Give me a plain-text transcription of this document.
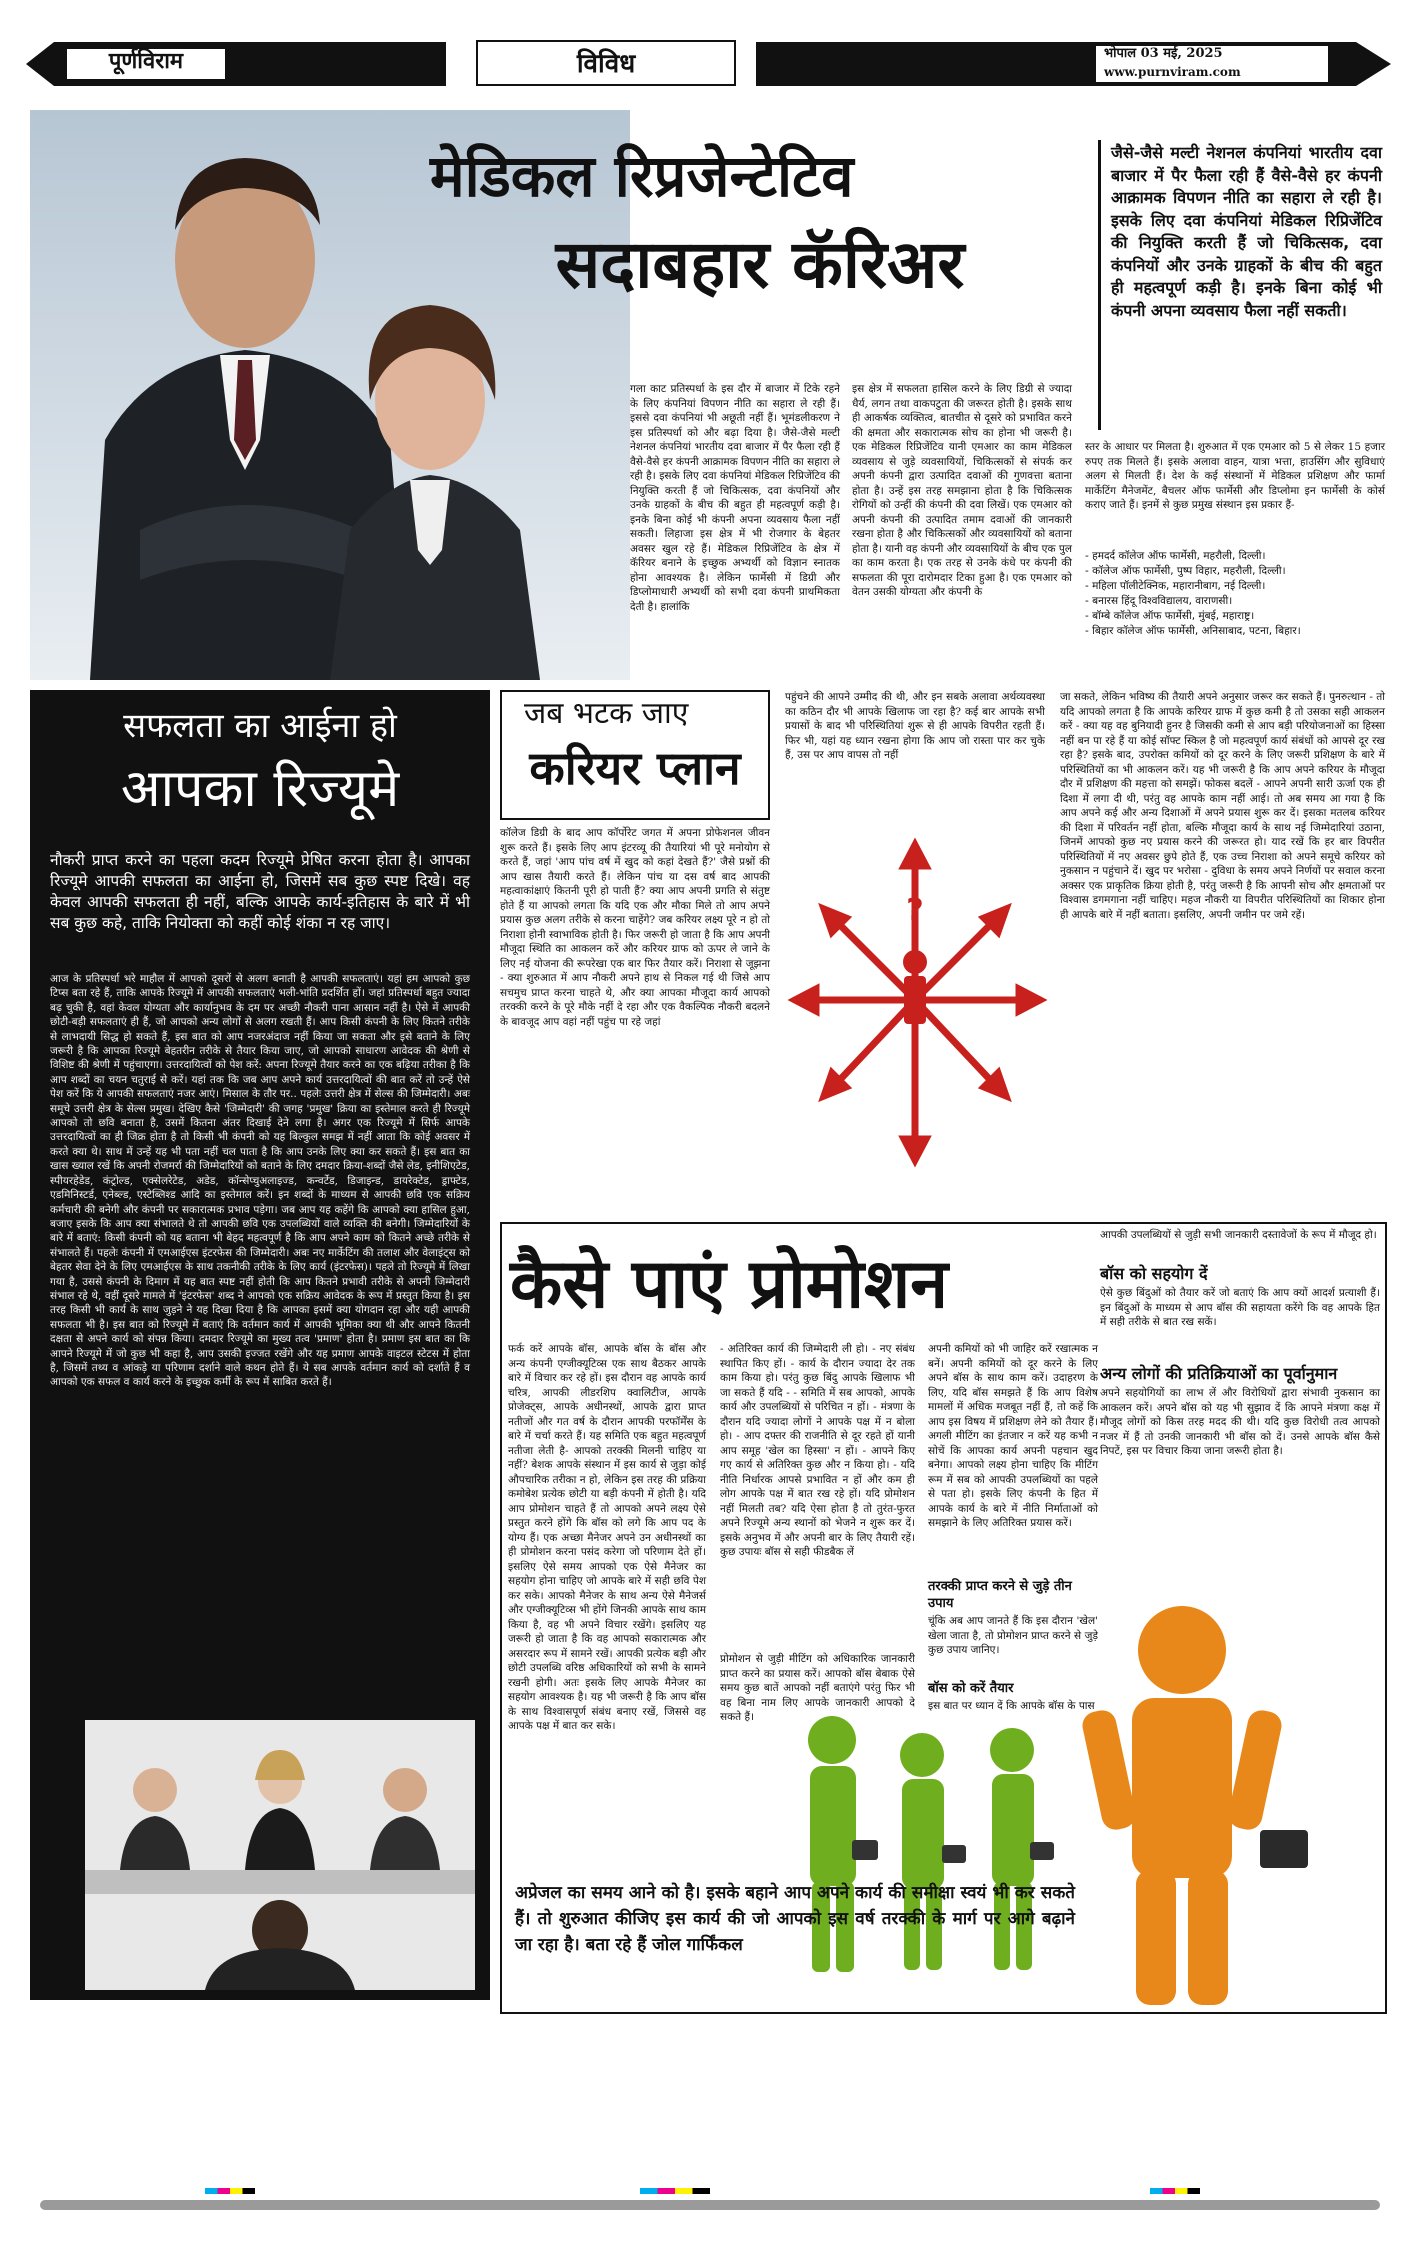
पूर्णविराम	विविध	भोपाल 03 मई, 2025
www.purnviram.com	6
मेडिकल रिप्रजेन्टेटिव
सदाबहार कॅरिअर
जैसे-जैसे मल्टी नेशनल कंपनियां भारतीय दवा बाजार में पैर फैला रही हैं वैसे-वैसे हर कंपनी आक्रामक विपणन नीति का सहारा ले रही है। इसके लिए दवा कंपनियां मेडिकल रिप्रिजेंटिव की नियुक्ति करती हैं जो चिकित्सक, दवा कंपनियों और उनके ग्राहकों के बीच की बहुत ही महत्वपूर्ण कड़ी है। इनके बिना कोई भी कंपनी अपना व्यवसाय फैला नहीं सकती।
गला काट प्रतिस्पर्धा के इस दौर में बाजार में टिके रहने के लिए कंपनियां विपणन नीति का सहारा ले रही हैं। इससे दवा कंपनियां भी अछूती नहीं हैं। भूमंडलीकरण ने इस प्रतिस्पर्धा को और बढ़ा दिया है। जैसे-जैसे मल्टी नेशनल कंपनियां भारतीय दवा बाजार में पैर फैला रही हैं वैसे-वैसे हर कंपनी आक्रामक विपणन नीति का सहारा ले रही है। इसके लिए दवा कंपनियां मेडिकल रिप्रिजेंटिव की नियुक्ति करती हैं जो चिकित्सक, दवा कंपनियों और उनके ग्राहकों के बीच की बहुत ही महत्वपूर्ण कड़ी है। इनके बिना कोई भी कंपनी अपना व्यवसाय फैला नहीं सकती। लिहाजा इस क्षेत्र में भी रोजगार के बेहतर अवसर खुल रहे हैं। मेडिकल रिप्रिजेंटिव के क्षेत्र में कॅरियर बनाने के इच्छुक अभ्यर्थी को विज्ञान स्नातक होना आवश्यक है। लेकिन फार्मेसी में डिग्री और डिप्लोमाधारी अभ्यर्थी को सभी दवा कंपनी प्राथमिकता देती है। हालांकि
इस क्षेत्र में सफलता हासिल करने के लिए डिग्री से ज्यादा धैर्य, लगन तथा वाकपटुता की जरूरत होती है। इसके साथ ही आकर्षक व्यक्तित्व, बातचीत से दूसरे को प्रभावित करने की क्षमता और सकारात्मक सोच का होना भी जरूरी है। एक मेडिकल रिप्रिजेंटिव यानी एमआर का काम मेडिकल व्यवसाय से जुड़े व्यवसायियों, चिकित्सकों से संपर्क कर अपनी कंपनी द्वारा उत्पादित दवाओं की गुणवत्ता बताना होता है। उन्हें इस तरह समझाना होता है कि चिकित्सक रोगियों को उन्हीं की कंपनी की दवा लिखें। एक एमआर को अपनी कंपनी की उत्पादित तमाम दवाओं की जानकारी रखना होता है और चिकित्सकों और व्यवसायियों को बताना होता है। यानी वह कंपनी और व्यवसायियों के बीच एक पुल का काम करता है। एक तरह से उनके कंधे पर कंपनी की सफलता की पूरा दारोमदार टिका हुआ है। एक एमआर को वेतन उसकी योग्यता और कंपनी के
स्तर के आधार पर मिलता है। शुरुआत में एक एमआर को 5 से लेकर 15 हजार रुपए तक मिलते हैं। इसके अलावा वाहन, यात्रा भत्ता, हाउसिंग और सुविधाएं अलग से मिलती हैं। देश के कई संस्थानों में मेडिकल प्रशिक्षण और फार्मा मार्केटिंग मैनेजमेंट, बैचलर ऑफ फार्मेसी और डिप्लोमा इन फार्मेसी के कोर्स कराए जाते हैं। इनमें से कुछ प्रमुख संस्थान इस प्रकार हैं-
- हमदर्द कॉलेज ऑफ फार्मेसी, महरौली, दिल्ली।
- कॉलेज ऑफ फार्मेसी, पुष्प विहार, महरौली, दिल्ली।
- महिला पॉलीटेक्निक, महारानीबाग, नई दिल्ली।
- बनारस हिंदू विश्वविद्यालय, वाराणसी।
- बॉम्बे कॉलेज ऑफ फार्मेसी, मुंबई, महाराष्ट्र।
- बिहार कॉलेज ऑफ फार्मेसी, अनिसाबाद, पटना, बिहार।
सफलता का आईना हो
आपका रिज्यूमे
नौकरी प्राप्त करने का पहला कदम रिज्यूमे प्रेषित करना होता है। आपका रिज्यूमे आपकी सफलता का आईना हो, जिसमें सब कुछ स्पष्ट दिखे। वह केवल आपकी सफलता ही नहीं, बल्कि आपके कार्य-इतिहास के बारे में भी सब कुछ कहे, ताकि नियोक्ता को कहीं कोई शंका न रह जाए।
आज के प्रतिस्पर्धा भरे माहौल में आपको दूसरों से अलग बनाती है आपकी सफलताएं। यहां हम आपको कुछ टिप्स बता रहे हैं, ताकि आपके रिज्यूमे में आपकी सफलताएं भली-भांति प्रदर्शित हों। जहां प्रतिस्पर्धा बहुत ज्यादा बढ़ चुकी है, वहां केवल योग्यता और कार्यानुभव के दम पर अच्छी नौकरी पाना आसान नहीं है। ऐसे में आपकी छोटी-बड़ी सफलताएं ही हैं, जो आपको अन्य लोगों से अलग रखती हैं। आप किसी कंपनी के लिए कितने तरीके से लाभदायी सिद्ध हो सकते हैं, इस बात को आप नजरअंदाज नहीं किया जा सकता और इसे बताने के लिए जरूरी है कि आपका रिज्यूमे बेहतरीन तरीके से तैयार किया जाए, जो आपको साधारण आवेदक की श्रेणी से विशिष्ट की श्रेणी में पहुंचाएगा। उत्तरदायित्वों को पेश करें: अपना रिज्यूमे तैयार करने का एक बढ़िया तरीका है कि आप शब्दों का चयन चतुराई से करें। यहां तक कि जब आप अपने कार्य उत्तरदायित्वों की बात करें तो उन्हें ऐसे पेश करें कि ये आपकी सफलताएं नजर आएं। मिसाल के तौर पर.. पहलेः उत्तरी क्षेत्र में सेल्स की जिम्मेदारी। अबः समूचे उत्तरी क्षेत्र के सेल्स प्रमुख। देखिए कैसे 'जिम्मेदारी' की जगह 'प्रमुख' क्रिया का इस्तेमाल करते ही रिज्यूमे आपको तो छवि बनाता है, उसमें कितना अंतर दिखाई देने लगा है। अगर एक रिज्यूमे में सिर्फ आपके उत्तरदायित्वों का ही जिक्र होता है तो किसी भी कंपनी को यह बिल्कुल समझ में नहीं आता कि कोई अवसर में करते क्या थे। साथ में उन्हें यह भी पता नहीं चल पाता है कि आप उनके लिए क्या कर सकते हैं। इस बात का खास ख्याल रखें कि अपनी रोजमर्रा की जिम्मेदारियों को बताने के लिए दमदार क्रिया-शब्दों जैसे लेड, इनीशिएटेड, स्पीयरहेडेड, कंट्रोल्ड, एक्सेलरेटेड, अडेड, कॉन्सेप्चुअलाइज्ड, कन्वर्टेड, डिजाइन्ड, डायरेक्टेड, ड्राफ्टेड, एडमिनिस्टर्ड, एनेब्ल्ड, एस्टेब्लिश्ड आदि का इस्तेमाल करें। इन शब्दों के माध्यम से आपकी छवि एक सक्रिय कर्मचारी की बनेगी और कंपनी पर सकारात्मक प्रभाव पड़ेगा। जब आप यह कहेंगे कि आपको क्या हासिल हुआ, बजाए इसके कि आप क्या संभालते थे तो आपकी छवि एक उपलब्धियों वाले व्यक्ति की बनेगी। जिम्मेदारियों के बारे में बताएं: किसी कंपनी को यह बताना भी बेहद महत्वपूर्ण है कि आप अपने काम को कितने अच्छे तरीके से संभालते हैं। पहलेः कंपनी में एमआईएस इंटरफेस की जिम्मेदारी। अबः नए मार्केटिंग की तलाश और वेलाइंट्स को बेहतर सेवा देने के लिए एमआईएस के साथ तकनीकी तरीके के लिए कार्य (इंटरफेस)। पहले तो रिज्यूमे में लिखा गया है, उससे कंपनी के दिमाग में यह बात स्पष्ट नहीं होती कि आप कितने प्रभावी तरीके से अपनी जिम्मेदारी संभाल रहे थे, वहीं दूसरे मामले में 'इंटरफेस' शब्द ने आपको एक सक्रिय आवेदक के रूप में प्रस्तुत किया है। इस तरह किसी भी कार्य के साथ जुड़ने ने यह दिखा दिया है कि आपका इसमें क्या योगदान रहा और यही आपकी सफलता भी है। इस बात को रिज्यूमे में बताएं कि वर्तमान कार्य में आपकी भूमिका क्या थी और आपने कितनी दक्षता से अपने कार्य को संपन्न किया। दमदार रिज्यूमे का मुख्य तत्व 'प्रमाण' होता है। प्रमाण इस बात का कि आपने रिज्यूमे में जो कुछ भी कहा है, आप उसकी इज्जत रखेंगे और यह प्रमाण आपके वाइटल स्टेटस में होता है, जिसमें तथ्य व आंकड़े या परिणाम दर्शाने वाले कथन होते हैं। ये सब आपके वर्तमान कार्य को दर्शाते हैं व आपको एक सफल व कार्य करने के इच्छुक कर्मी के रूप में साबित करते हैं।
जब भटक जाए
करियर प्लान
कॉलेज डिग्री के बाद आप कॉर्पोरेट जगत में अपना प्रोफेशनल जीवन शुरू करते हैं। इसके लिए आप इंटरव्यू की तैयारियां भी पूरे मनोयोग से करते हैं, जहां 'आप पांच वर्ष में खुद को कहां देखते हैं?' जैसे प्रश्नों की आप खास तैयारी करते हैं। लेकिन पांच या दस वर्ष बाद आपकी महत्वाकांक्षाएं कितनी पूरी हो पाती हैं? क्या आप अपनी प्रगति से संतुष्ट होते हैं या आपको लगता कि यदि एक और मौका मिले तो आप अपने प्रयास कुछ अलग तरीके से करना चाहेंगे? जब करियर लक्ष्य पूरे न हो तो निराशा होनी स्वाभाविक होती है। फिर जरूरी हो जाता है कि आप अपनी मौजूदा स्थिति का आकलन करें और करियर ग्राफ को ऊपर ले जाने के लिए नई योजना की रूपरेखा एक बार फिर तैयार करें। निराशा से जूझना - क्या शुरुआत में आप नौकरी अपने हाथ से निकल गई थी जिसे आप सचमुच प्राप्त करना चाहते थे, और क्या आपका मौजूदा कार्य आपको तरक्की करने के पूरे मौके नहीं दे रहा और एक वैकल्पिक नौकरी बदलने के बावजूद आप वहां नहीं पहुंच पा रहे जहां
पहुंचने की आपने उम्मीद की थी, और इन सबके अलावा अर्थव्यवस्था का कठिन दौर भी आपके खिलाफ जा रहा है? कई बार आपके सभी प्रयासों के बाद भी परिस्थितियां शुरू से ही आपके विपरीत रहती हैं। फिर भी, यहां यह ध्यान रखना होगा कि आप जो रास्ता पार कर चुके हैं, उस पर आप वापस तो नहीं
?
जा सकते, लेकिन भविष्य की तैयारी अपने अनुसार जरूर कर सकते हैं। पुनरुत्थान - तो यदि आपको लगता है कि आपके करियर ग्राफ में कुछ कमी है तो उसका सही आकलन करें - क्या यह वह बुनियादी हुनर है जिसकी कमी से आप बड़ी परियोजनाओं का हिस्सा नहीं बन पा रहे हैं या कोई सॉफ्ट स्किल है जो महत्वपूर्ण कार्य संबंधों को आपसे दूर रख रहा है? इसके बाद, उपरोक्त कमियों को दूर करने के लिए जरूरी प्रशिक्षण के बारे में परिस्थितियों का भी आकलन करें। यह भी जरूरी है कि आप अपने करियर के मौजूदा दौर में प्रशिक्षण की महत्ता को समझें। फोकस बदलें - आपने अपनी सारी ऊर्जा एक ही दिशा में लगा दी थी, परंतु वह आपके काम नहीं आई। तो अब समय आ गया है कि आप अपने कई और अन्य दिशाओं में अपने प्रयास शुरू कर दें। इसका मतलब करियर की दिशा में परिवर्तन नहीं होता, बल्कि मौजूदा कार्य के साथ नई जिम्मेदारियां उठाना, जिनमें आपको कुछ नए प्रयास करने की जरूरत हो। याद रखें कि हर बार विपरीत परिस्थितियों में नए अवसर छुपे होते हैं, एक उच्च निराशा को अपने समूचे करियर को नुकसान न पहुंचाने दें। खुद पर भरोसा - दुविधा के समय अपने निर्णयों पर सवाल करना अक्सर एक प्राकृतिक क्रिया होती है, परंतु जरूरी है कि आपनी सोच और क्षमताओं पर विश्वास डगमगाना नहीं चाहिए। महज नौकरी या विपरीत परिस्थितियों का शिकार होना ही आपके बारे में नहीं बताता। इसलिए, अपनी जमीन पर जमे रहें।
कैसे पाएं प्रोमोशन
आपकी उपलब्धियों से जुड़ी सभी जानकारी दस्तावेजों के रूप में मौजूद हो।
बॉस को सहयोग दें
ऐसे कुछ बिंदुओं को तैयार करें जो बताएं कि आप क्यों आदर्श प्रत्याशी हैं। इन बिंदुओं के माध्यम से आप बॉस की सहायता करेंगे कि वह आपके हित में सही तरीके से बात रख सकें।
अन्य लोगों की प्रतिक्रियाओं का पूर्वानुमान
अपने सहयोगियों का लाभ लें और विरोधियों द्वारा संभावी नुकसान का आकलन करें। अपने बॉस को यह भी सुझाव दें कि आपने मंत्रणा कक्ष में मौजूद लोगों को किस तरह मदद की थी। यदि कुछ विरोधी तत्व आपको नजर में हैं तो उनकी जानकारी भी बॉस को दें। उनसे आपके बॉस कैसे निपटें, इस पर विचार किया जाना जरूरी होता है।
फर्क करें आपके बॉस, आपके बॉस के बॉस और अन्य कंपनी एग्जीक्यूटिव्स एक साथ बैठकर आपके बारे में विचार कर रहे हों। इस दौरान वह आपके कार्य चरित्र, आपकी लीडरशिप क्वालिटीज, आपके प्रोजेक्ट्स, आपके अधीनस्थों, आपके द्वारा प्राप्त नतीजों और गत वर्ष के दौरान आपकी परफॉर्मेंस के बारे में चर्चा करते हैं। यह समिति एक बहुत महत्वपूर्ण नतीजा लेती है- आपको तरक्की मिलनी चाहिए या नहीं? बेशक आपके संस्थान में इस कार्य से जुड़ा कोई औपचारिक तरीका न हो, लेकिन इस तरह की प्रक्रिया कमोबेश प्रत्येक छोटी या बड़ी कंपनी में होती है। यदि आप प्रोमोशन चाहते हैं तो आपको अपने लक्ष्य ऐसे प्रस्तुत करने होंगे कि बॉस को लगे कि आप पद के योग्य हैं। एक अच्छा मैनेजर अपने उन अधीनस्थों का ही प्रोमोशन करना पसंद करेगा जो परिणाम देते हों। इसलिए ऐसे समय आपको एक ऐसे मैनेजर का सहयोग होना चाहिए जो आपके बारे में सही छवि पेश कर सके। आपको मैनेजर के साथ अन्य ऐसे मैनेजर्स और एग्जीक्यूटिव्स भी होंगे जिनकी आपके साथ काम किया है, वह भी अपने विचार रखेंगे। इसलिए यह जरूरी हो जाता है कि वह आपको सकारात्मक और असरदार रूप में सामने रखें। आपकी प्रत्येक बड़ी और छोटी उपलब्धि वरिष्ठ अधिकारियों को सभी के सामने रखनी होगी। अतः इसके लिए आपके मैनेजर का सहयोग आवश्यक है। यह भी जरूरी है कि आप बॉस के साथ विश्वासपूर्ण संबंध बनाए रखें, जिससे वह आपके पक्ष में बात कर सके।
- अतिरिक्त कार्य की जिम्मेदारी ली हो। - नए संबंध स्थापित किए हों। - कार्य के दौरान ज्यादा देर तक काम किया हो। परंतु कुछ बिंदु आपके खिलाफ भी जा सकते हैं यदि - - समिति में सब आपको, आपके कार्य और उपलब्धियों से परिचित न हों। - मंत्रणा के दौरान यदि ज्यादा लोगों ने आपके पक्ष में न बोला हो। - आप दफ्तर की राजनीति से दूर रहते हों यानी आप समूह 'खेल का हिस्सा' न हों। - आपने किए गए कार्य से अतिरिक्त कुछ और न किया हो। - यदि नीति निर्धारक आपसे प्रभावित न हों और कम ही लोग आपके पक्ष में बात रख रहे हों। यदि प्रोमोशन नहीं मिलती तब? यदि ऐसा होता है तो तुरंत-फुरत अपने रिज्यूमे अन्य स्थानों को भेजने न शुरू कर दें। इसके अनुभव में और अपनी बार के लिए तैयारी रहें। कुछ उपायः बॉस से सही फीडबैक लें
प्रोमोशन से जुड़ी मीटिंग को अधिकारिक जानकारी प्राप्त करने का प्रयास करें। आपको बॉस बेबाक ऐसे समय कुछ बातें आपको नहीं बताएंगे परंतु फिर भी वह बिना नाम लिए आपके जानकारी आपको दे सकते हैं।
अपनी कमियों को भी जाहिर करें रखात्मक न बनें। अपनी कमियों को दूर करने के लिए अपने बॉस के साथ काम करें। उदाहरण के लिए, यदि बॉस समझते हैं कि आप विशेष मामलों में अधिक मजबूत नहीं हैं, तो कहें कि आप इस विषय में प्रशिक्षण लेने को तैयार हैं। अगली मीटिंग का इंतजार न करें यह कभी न सोचें कि आपका कार्य अपनी पहचान खुद बनेगा। आपको लक्ष्य होना चाहिए कि मीटिंग रूम में सब को आपकी उपलब्धियों का पहले से पता हो। इसके लिए कंपनी के हित में आपके कार्य के बारे में नीति निर्माताओं को समझाने के लिए अतिरिक्त प्रयास करें।
तरक्की प्राप्त करने से जुड़े तीन उपाय
चूंकि अब आप जानते हैं कि इस दौरान 'खेल' खेला जाता है, तो प्रोमोशन प्राप्त करने से जुड़े कुछ उपाय जानिए।
बॉस को करें तैयार
इस बात पर ध्यान दें कि आपके बॉस के पास
अप्रेजल का समय आने को है। इसके बहाने आप अपने कार्य की समीक्षा स्वयं भी कर सकते हैं। तो शुरुआत कीजिए इस कार्य की जो आपको इस वर्ष तरक्की के मार्ग पर आगे बढ़ाने जा रहा है। बता रहे हैं जोल गार्फिंकल
